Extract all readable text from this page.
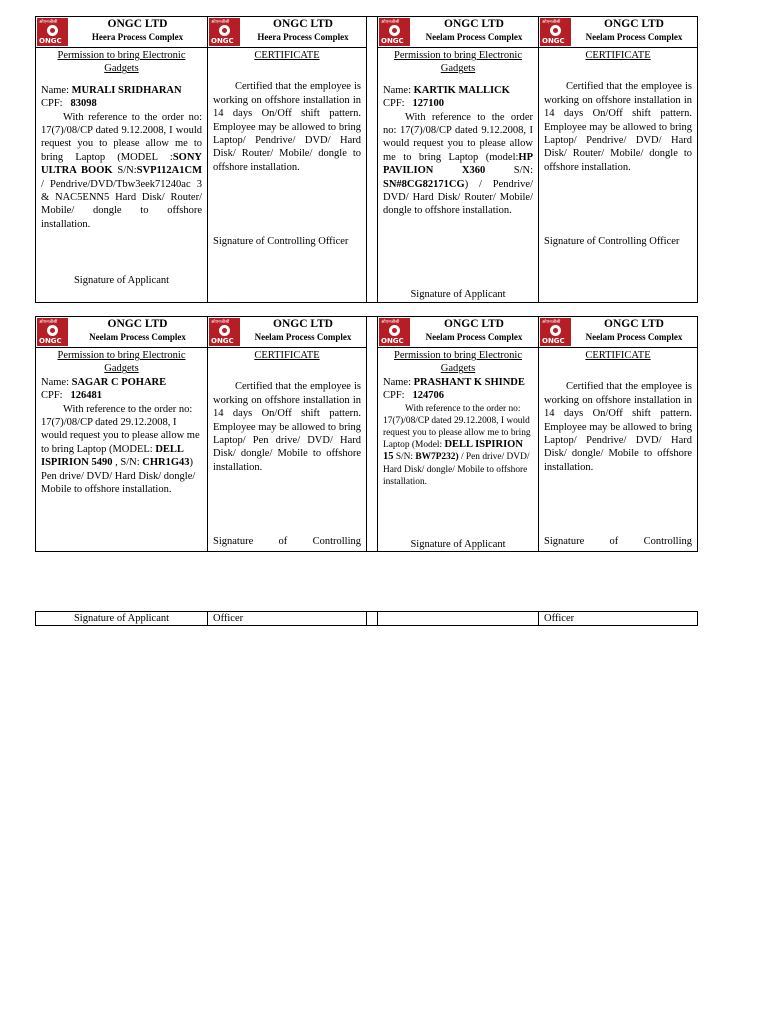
ओएनजीसी
ONGC
ONGC LTD
Heera Process Complex
Permission to bring Electronic Gadgets
Name: MURALI SRIDHARAN
CPF: 83098
With reference to the order no: 17(7)/08/CP dated 9.12.2008, I would request you to please allow me to bring Laptop (MODEL :SONY ULTRA BOOK S/N:SVP112A1CM / Pendrive/DVD/Tbw3eek71240ac 3 & NAC5ENN5 Hard Disk/ Router/ Mobile/ dongle to offshore installation.
Signature of Applicant
ओएनजीसी
ONGC
ONGC LTD
Heera Process Complex
CERTIFICATE
Certified that the employee is working on offshore installation in 14 days On/Off shift pattern. Employee may be allowed to bring Laptop/ Pendrive/ DVD/ Hard Disk/ Router/ Mobile/ dongle to offshore installation.
Signature of Controlling Officer
ओएनजीसी
ONGC
ONGC LTD
Neelam Process Complex
Permission to bring Electronic Gadgets
Name: KARTIK MALLICK
CPF: 127100
With reference to the order no: 17(7)/08/CP dated 9.12.2008, I would request you to please allow me to bring Laptop (model:HP PAVILION X360 S/N: SN#8CG82171CG) / Pendrive/ DVD/ Hard Disk/ Router/ Mobile/ dongle to offshore installation.
Signature of Applicant
ओएनजीसी
ONGC
ONGC LTD
Neelam Process Complex
CERTIFICATE
Certified that the employee is working on offshore installation in 14 days On/Off shift pattern. Employee may be allowed to bring Laptop/ Pendrive/ DVD/ Hard Disk/ Router/ Mobile/ dongle to offshore installation.
Signature of Controlling Officer
ओएनजीसी
ONGC
ONGC LTD
Neelam Process Complex
Permission to bring Electronic Gadgets
Name: SAGAR C POHARE
CPF: 126481
With reference to the order no: 17(7)/08/CP dated 29.12.2008, I would request you to please allow me to bring Laptop (MODEL: DELL ISPIRION 5490 , S/N: CHR1G43) Pen drive/ DVD/ Hard Disk/ dongle/ Mobile to offshore installation.
ओएनजीसी
ONGC
ONGC LTD
Neelam Process Complex
CERTIFICATE
Certified that the employee is working on offshore installation in 14 days On/Off shift pattern. Employee may be allowed to bring Laptop/ Pen drive/ DVD/ Hard Disk/ dongle/ Mobile to offshore installation.
Signature of Controlling
ओएनजीसी
ONGC
ONGC LTD
Neelam Process Complex
Permission to bring Electronic Gadgets
Name: PRASHANT K SHINDE
CPF: 124706
With reference to the order no: 17(7)/08/CP dated 29.12.2008, I would request you to please allow me to bring Laptop (Model: DELL ISPIRION 15 S/N: BW7P232) / Pen drive/ DVD/ Hard Disk/ dongle/ Mobile to offshore installation.
Signature of Applicant
ओएनजीसी
ONGC
ONGC LTD
Neelam Process Complex
CERTIFICATE
Certified that the employee is working on offshore installation in 14 days On/Off shift pattern. Employee may be allowed to bring Laptop/ Pendrive/ DVD/ Hard Disk/ dongle/ Mobile to offshore installation.
Signature of Controlling
Signature of Applicant	Officer	Officer
